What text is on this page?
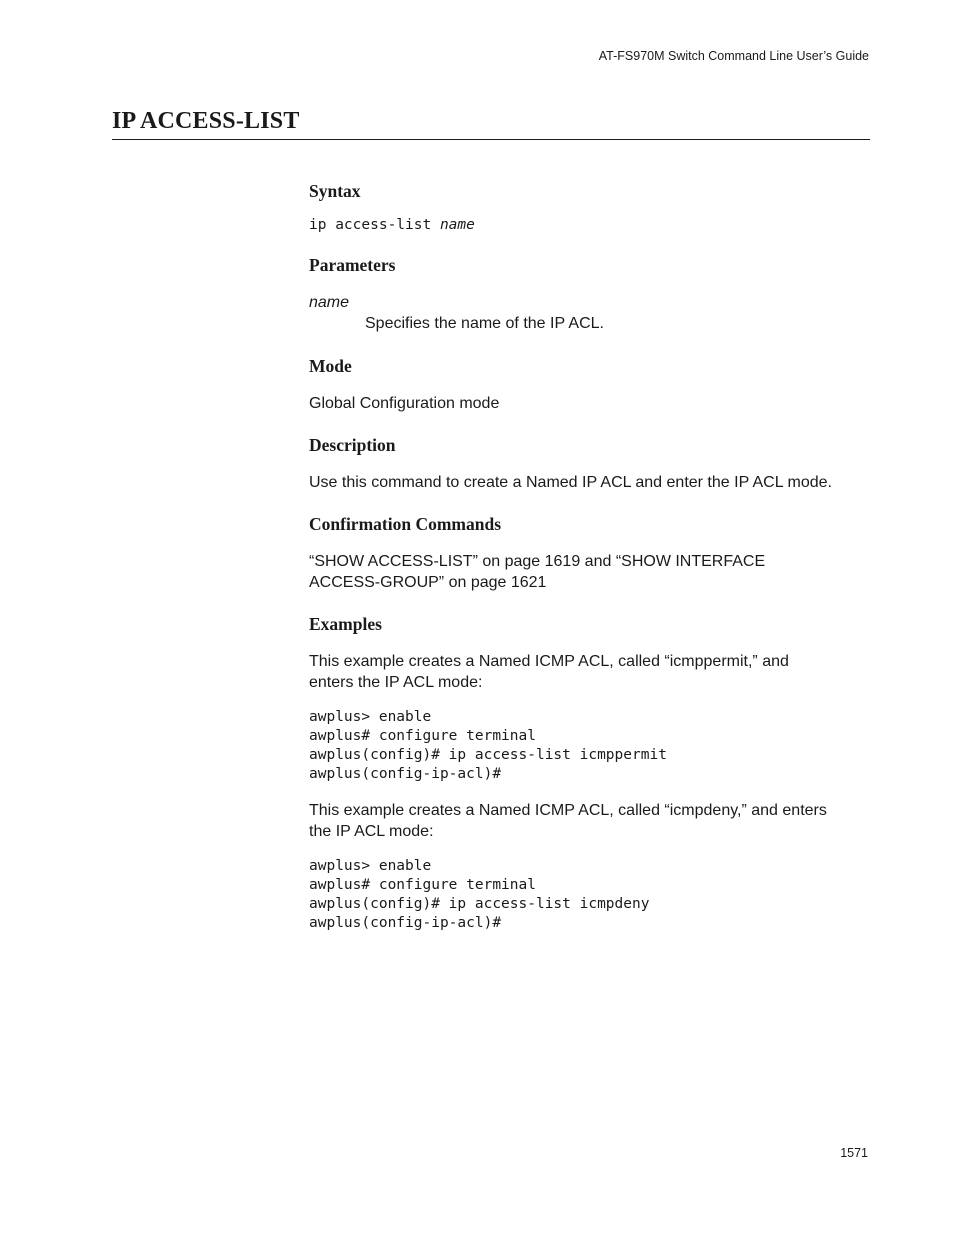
AT-FS970M Switch Command Line User’s Guide
IP ACCESS-LIST
Syntax
ip access-list name
Parameters

name

Specifies the name of the IP ACL.

Mode

Global Configuration mode

Description

Use this command to create a Named IP ACL and enter the IP ACL mode.

Confirmation Commands

“SHOW ACCESS-LIST” on page 1619 and “SHOW INTERFACE
ACCESS-GROUP” on page 1621

Examples

This example creates a Named ICMP ACL, called “icmppermit,” and
enters the IP ACL mode:

awplus> enable
awplus# configure terminal
awplus(config)# ip access-list icmppermit
awplus(config-ip-acl)#

This example creates a Named ICMP ACL, called “icmpdeny,” and enters
the IP ACL mode:

awplus> enable
awplus# configure terminal
awplus(config)# ip access-list icmpdeny
awplus(config-ip-acl)#
1571
